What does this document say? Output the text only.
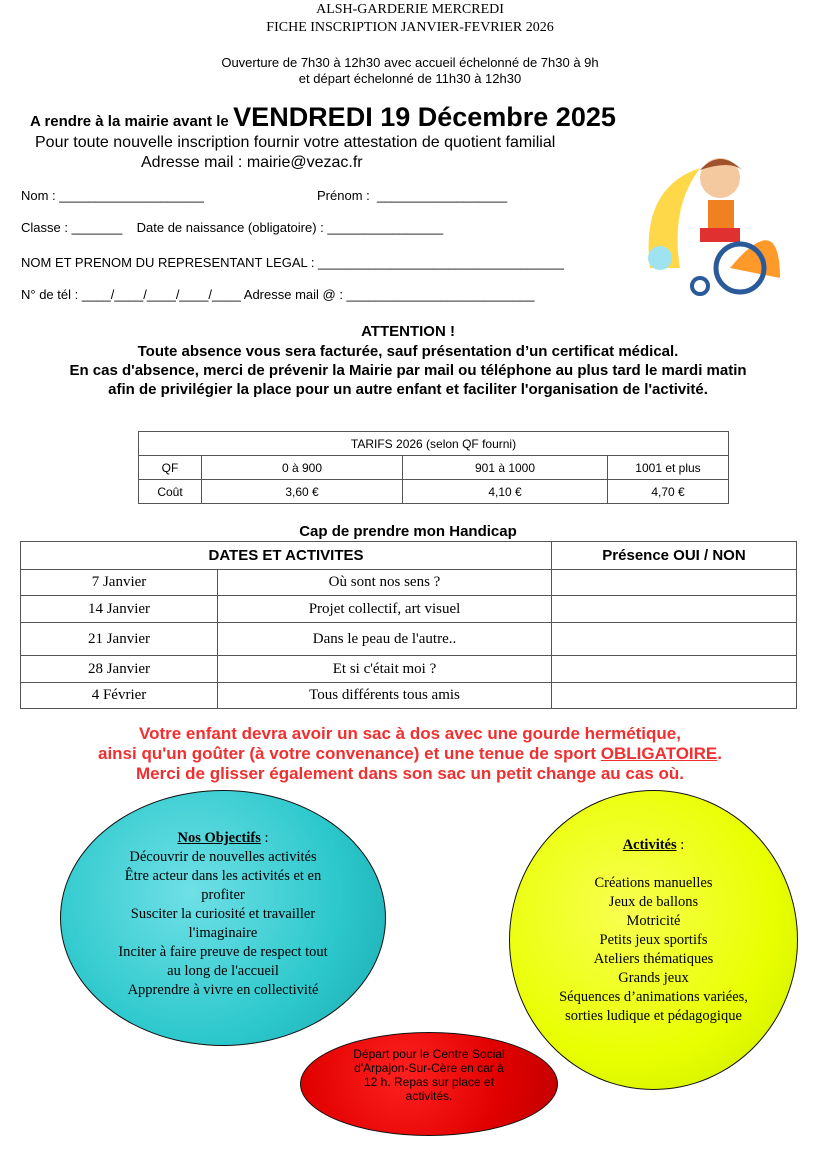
ALSH-GARDERIE MERCREDI
FICHE INSCRIPTION JANVIER-FEVRIER 2026
Ouverture de 7h30 à 12h30 avec accueil échelonné de 7h30 à 9h
et départ échelonné de 11h30 à 12h30
A rendre à la mairie avant le VENDREDI 19 Décembre 2025
Pour toute nouvelle inscription fournir votre attestation de quotient familial
Adresse mail : mairie@vezac.fr
Nom : ____________________	Prénom :  __________________
Classe : _______    Date de naissance (obligatoire) : ________________
NOM ET PRENOM DU REPRESENTANT LEGAL : __________________________________
N° de tél : ____/____/____/____/____ Adresse mail @ : __________________________
ATTENTION !
Toute absence vous sera facturée, sauf présentation d’un certificat médical.
En cas d'absence, merci de prévenir la Mairie par mail ou téléphone au plus tard le mardi matin
afin de privilégier la place pour un autre enfant et faciliter l'organisation de l'activité.
TARIFS 2026 (selon QF fourni)			
QF	0 à 900	901 à 1000	1001 et plus
Coût	3,60 €	4,10 €	4,70 €
Cap de prendre mon Handicap
DATES ET ACTIVITES		Présence OUI / NON
7 Janvier	Où sont nos sens ?	
14 Janvier	Projet collectif, art visuel	
21 Janvier	Dans le peau de l'autre..	
28 Janvier	Et si c'était moi ?	
4 Février	Tous différents tous amis	
Votre enfant devra avoir un sac à dos avec une gourde hermétique,
ainsi qu'un goûter (à votre convenance) et une tenue de sport OBLIGATOIRE.
Merci de glisser également dans son sac un petit change au cas où.
Nos Objectifs :
Découvrir de nouvelles activités
Être acteur dans les activités et en profiter
Susciter la curiosité et travailler l'imaginaire
Inciter à faire preuve de respect tout au long de l'accueil
Apprendre à vivre en collectivité
Activités :
Créations manuelles
Jeux de ballons
Motricité
Petits jeux sportifs
Ateliers thématiques
Grands jeux
Séquences d’animations variées, sorties ludique et pédagogique
Départ pour le Centre Social d'Arpajon-Sur-Cère en car à 12 h. Repas sur place et activités.
